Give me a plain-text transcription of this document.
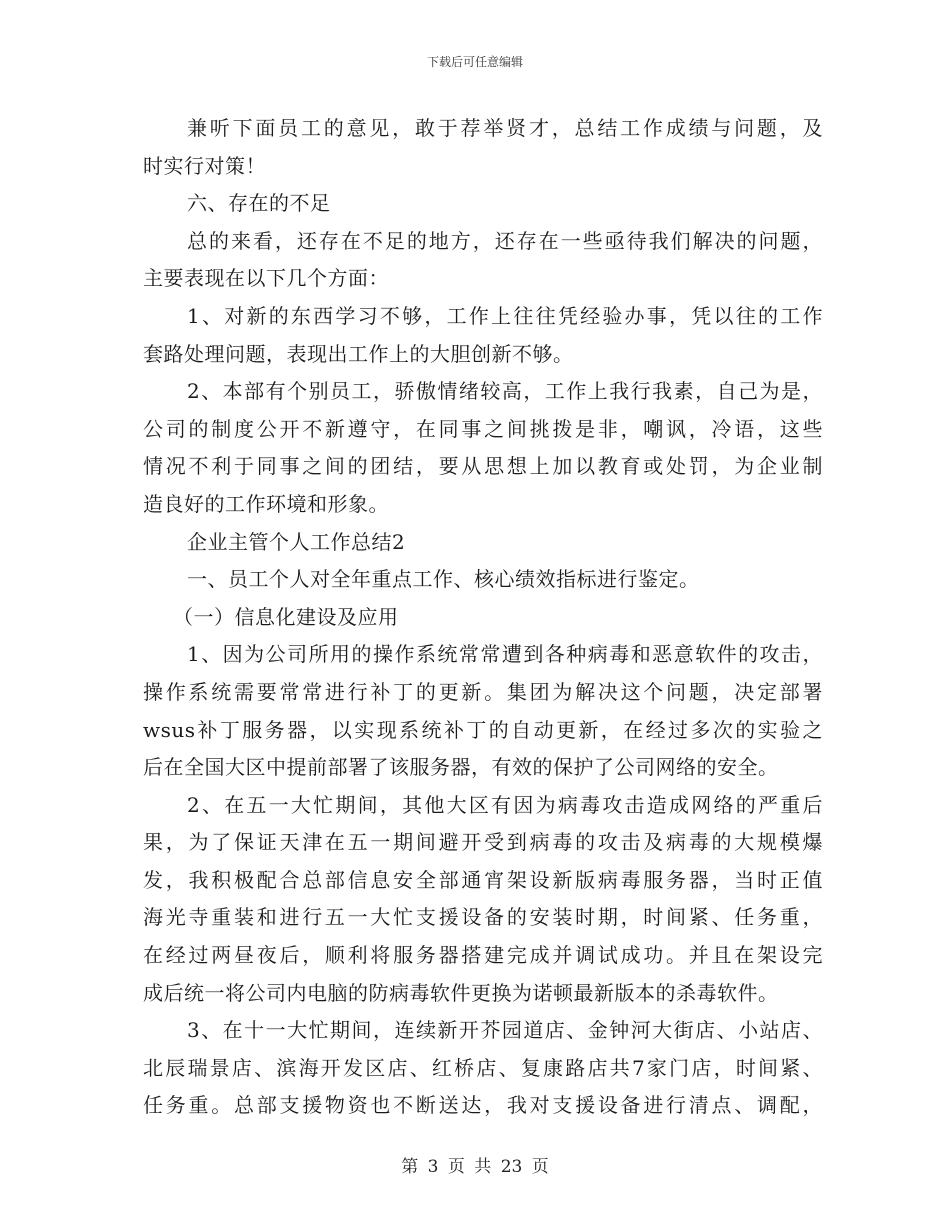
下载后可任意编辑
兼听下面员工的意见，敢于荐举贤才，总结工作成绩与问题，及
时实行对策！
六、存在的不足
总的来看，还存在不足的地方，还存在一些亟待我们解决的问题，
主要表现在以下几个方面：
1、对新的东西学习不够，工作上往往凭经验办事，凭以往的工作
套路处理问题，表现出工作上的大胆创新不够。
2、本部有个别员工，骄傲情绪较高，工作上我行我素，自己为是，
公司的制度公开不新遵守，在同事之间挑拨是非，嘲讽，冷语，这些
情况不利于同事之间的团结，要从思想上加以教育或处罚，为企业制
造良好的工作环境和形象。
企业主管个人工作总结2
一、员工个人对全年重点工作、核心绩效指标进行鉴定。
（一）信息化建设及应用
1、因为公司所用的操作系统常常遭到各种病毒和恶意软件的攻击，
操作系统需要常常进行补丁的更新。集团为解决这个问题，决定部署
wsus补丁服务器，以实现系统补丁的自动更新，在经过多次的实验之
后在全国大区中提前部署了该服务器，有效的保护了公司网络的安全。
2、在五一大忙期间，其他大区有因为病毒攻击造成网络的严重后
果，为了保证天津在五一期间避开受到病毒的攻击及病毒的大规模爆
发，我积极配合总部信息安全部通宵架设新版病毒服务器，当时正值
海光寺重装和进行五一大忙支援设备的安装时期，时间紧、任务重，
在经过两昼夜后，顺利将服务器搭建完成并调试成功。并且在架设完
成后统一将公司内电脑的防病毒软件更换为诺顿最新版本的杀毒软件。
3、在十一大忙期间，连续新开芥园道店、金钟河大街店、小站店、
北辰瑞景店、滨海开发区店、红桥店、复康路店共7家门店，时间紧、
任务重。总部支援物资也不断送达，我对支援设备进行清点、调配，
第 3 页 共 23 页
